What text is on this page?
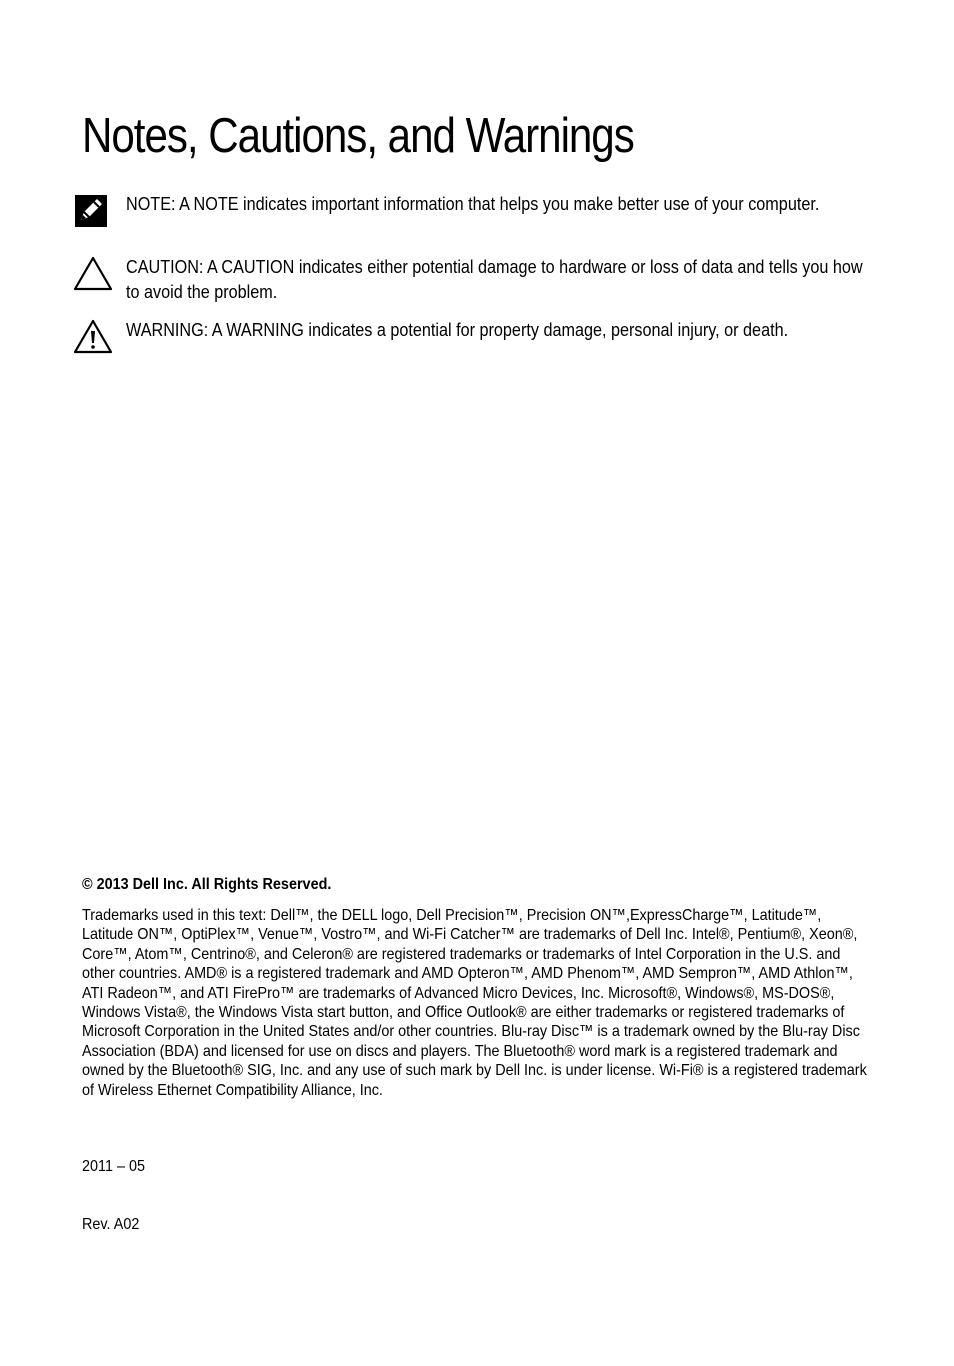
Notes, Cautions, and Warnings
NOTE: A NOTE indicates important information that helps you make better use of your computer.
CAUTION: A CAUTION indicates either potential damage to hardware or loss of data and tells you how to avoid the problem.
WARNING: A WARNING indicates a potential for property damage, personal injury, or death.
© 2013 Dell Inc. All Rights Reserved.
Trademarks used in this text: Dell™, the DELL logo, Dell Precision™, Precision ON™,ExpressCharge™, Latitude™, Latitude ON™, OptiPlex™, Venue™, Vostro™, and Wi-Fi Catcher™ are trademarks of Dell Inc. Intel®, Pentium®, Xeon®, Core™, Atom™, Centrino®, and Celeron® are registered trademarks or trademarks of Intel Corporation in the U.S. and other countries. AMD® is a registered trademark and AMD Opteron™, AMD Phenom™, AMD Sempron™, AMD Athlon™, ATI Radeon™, and ATI FirePro™ are trademarks of Advanced Micro Devices, Inc. Microsoft®, Windows®, MS-DOS®, Windows Vista®, the Windows Vista start button, and Office Outlook® are either trademarks or registered trademarks of Microsoft Corporation in the United States and/or other countries. Blu-ray Disc™ is a trademark owned by the Blu-ray Disc Association (BDA) and licensed for use on discs and players. The Bluetooth® word mark is a registered trademark and owned by the Bluetooth® SIG, Inc. and any use of such mark by Dell Inc. is under license. Wi-Fi® is a registered trademark of Wireless Ethernet Compatibility Alliance, Inc.
2011 – 05
Rev. A02
